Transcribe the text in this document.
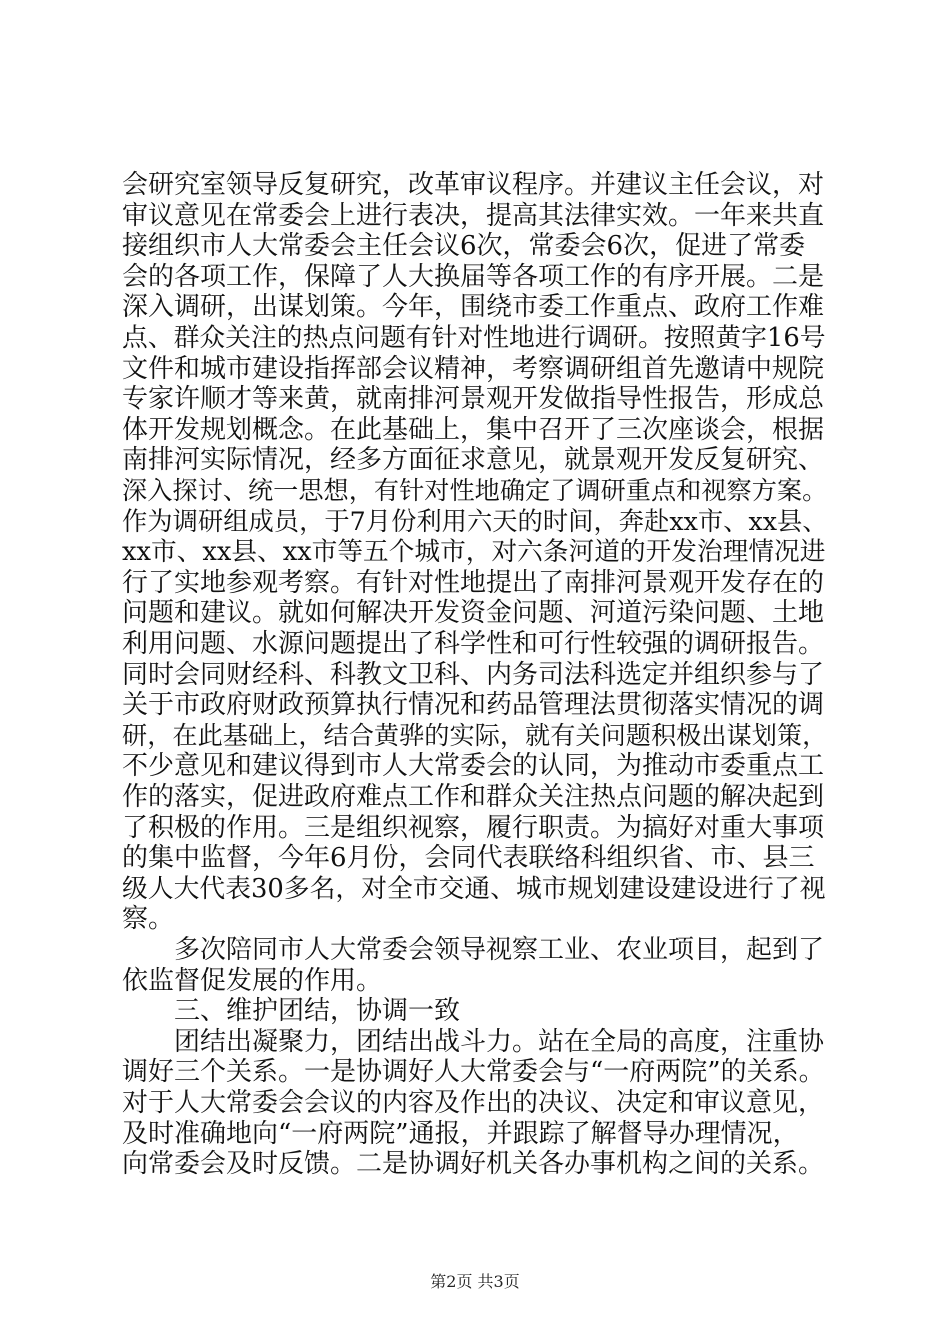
会研究室领导反复研究，改革审议程序。并建议主任会议，对
审议意见在常委会上进行表决，提高其法律实效。一年来共直
接组织市人大常委会主任会议6次，常委会6次，促进了常委
会的各项工作，保障了人大换届等各项工作的有序开展。二是
深入调研，出谋划策。今年，围绕市委工作重点、政府工作难
点、群众关注的热点问题有针对性地进行调研。按照黄字16号
文件和城市建设指挥部会议精神，考察调研组首先邀请中规院
专家许顺才等来黄，就南排河景观开发做指导性报告，形成总
体开发规划概念。在此基础上，集中召开了三次座谈会，根据
南排河实际情况，经多方面征求意见，就景观开发反复研究、
深入探讨、统一思想，有针对性地确定了调研重点和视察方案。
作为调研组成员，于7月份利用六天的时间，奔赴xx市、xx县、
xx市、xx县、xx市等五个城市，对六条河道的开发治理情况进
行了实地参观考察。有针对性地提出了南排河景观开发存在的
问题和建议。就如何解决开发资金问题、河道污染问题、土地
利用问题、水源问题提出了科学性和可行性较强的调研报告。
同时会同财经科、科教文卫科、内务司法科选定并组织参与了
关于市政府财政预算执行情况和药品管理法贯彻落实情况的调
研，在此基础上，结合黄骅的实际，就有关问题积极出谋划策，
不少意见和建议得到市人大常委会的认同，为推动市委重点工
作的落实，促进政府难点工作和群众关注热点问题的解决起到
了积极的作用。三是组织视察，履行职责。为搞好对重大事项
的集中监督，今年6月份，会同代表联络科组织省、市、县三
级人大代表30多名，对全市交通、城市规划建设建设进行了视
察。
　　多次陪同市人大常委会领导视察工业、农业项目，起到了
依监督促发展的作用。
　　三、维护团结，协调一致
　　团结出凝聚力，团结出战斗力。站在全局的高度，注重协
调好三个关系。一是协调好人大常委会与“一府两院”的关系。
对于人大常委会会议的内容及作出的决议、决定和审议意见，
及时准确地向“一府两院”通报，并跟踪了解督导办理情况，
向常委会及时反馈。二是协调好机关各办事机构之间的关系。
第2页 共3页
